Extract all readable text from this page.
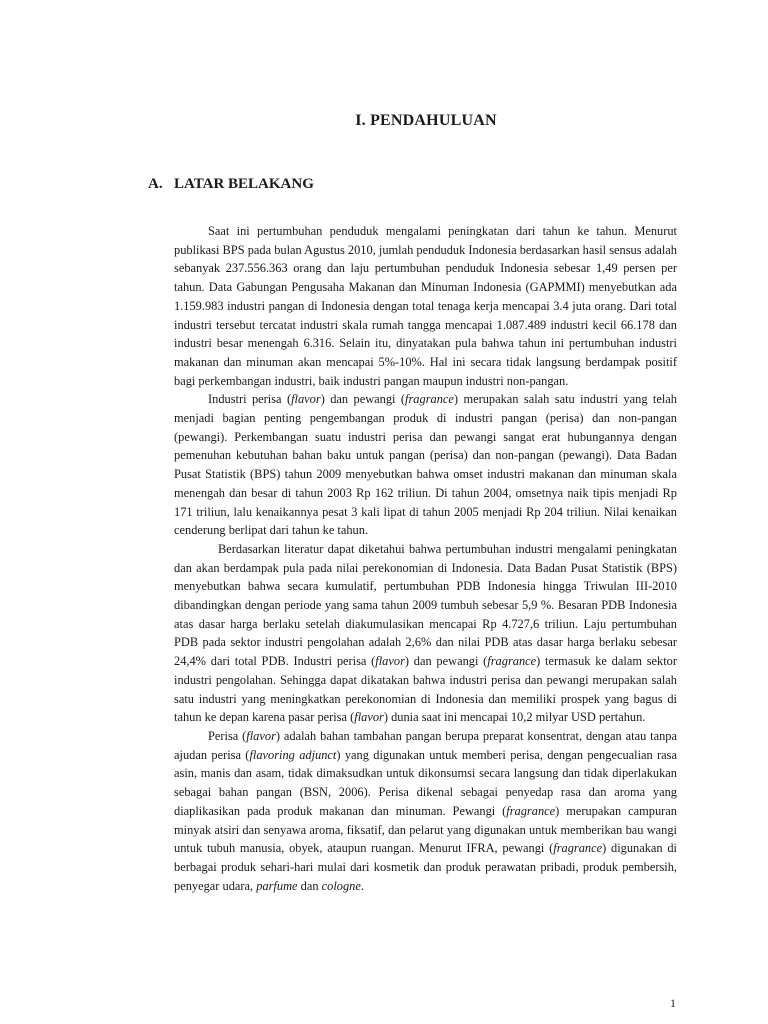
I. PENDAHULUAN
A. LATAR BELAKANG

Saat ini pertumbuhan penduduk mengalami peningkatan dari tahun ke tahun. Menurut publikasi BPS pada bulan Agustus 2010, jumlah penduduk Indonesia berdasarkan hasil sensus adalah sebanyak 237.556.363 orang dan laju pertumbuhan penduduk Indonesia sebesar 1,49 persen per tahun. Data Gabungan Pengusaha Makanan dan Minuman Indonesia (GAPMMI) menyebutkan ada 1.159.983 industri pangan di Indonesia dengan total tenaga kerja mencapai 3.4 juta orang. Dari total industri tersebut tercatat industri skala rumah tangga mencapai 1.087.489 industri kecil 66.178 dan industri besar menengah 6.316. Selain itu, dinyatakan pula bahwa tahun ini pertumbuhan industri makanan dan minuman akan mencapai 5%-10%. Hal ini secara tidak langsung berdampak positif bagi perkembangan industri, baik industri pangan maupun industri non-pangan.

Industri perisa (flavor) dan pewangi (fragrance) merupakan salah satu industri yang telah menjadi bagian penting pengembangan produk di industri pangan (perisa) dan non-pangan (pewangi). Perkembangan suatu industri perisa dan pewangi sangat erat hubungannya dengan pemenuhan kebutuhan bahan baku untuk pangan (perisa) dan non-pangan (pewangi). Data Badan Pusat Statistik (BPS) tahun 2009 menyebutkan bahwa omset industri makanan dan minuman skala menengah dan besar di tahun 2003 Rp 162 triliun. Di tahun 2004, omsetnya naik tipis menjadi Rp 171 triliun, lalu kenaikannya pesat 3 kali lipat di tahun 2005 menjadi Rp 204 triliun. Nilai kenaikan cenderung berlipat dari tahun ke tahun.

Berdasarkan literatur dapat diketahui bahwa pertumbuhan industri mengalami peningkatan dan akan berdampak pula pada nilai perekonomian di Indonesia. Data Badan Pusat Statistik (BPS) menyebutkan bahwa secara kumulatif, pertumbuhan PDB Indonesia hingga Triwulan III-2010 dibandingkan dengan periode yang sama tahun 2009 tumbuh sebesar 5,9 %. Besaran PDB Indonesia atas dasar harga berlaku setelah diakumulasikan mencapai Rp 4.727,6 triliun. Laju pertumbuhan PDB pada sektor industri pengolahan adalah 2,6% dan nilai PDB atas dasar harga berlaku sebesar 24,4% dari total PDB. Industri perisa (flavor) dan pewangi (fragrance) termasuk ke dalam sektor industri pengolahan. Sehingga dapat dikatakan bahwa industri perisa dan pewangi merupakan salah satu industri yang meningkatkan perekonomian di Indonesia dan memiliki prospek yang bagus di tahun ke depan karena pasar perisa (flavor) dunia saat ini mencapai 10,2 milyar USD pertahun.

Perisa (flavor) adalah bahan tambahan pangan berupa preparat konsentrat, dengan atau tanpa ajudan perisa (flavoring adjunct) yang digunakan untuk memberi perisa, dengan pengecualian rasa asin, manis dan asam, tidak dimaksudkan untuk dikonsumsi secara langsung dan tidak diperlakukan sebagai bahan pangan (BSN, 2006). Perisa dikenal sebagai penyedap rasa dan aroma yang diaplikasikan pada produk makanan dan minuman. Pewangi (fragrance) merupakan campuran minyak atsiri dan senyawa aroma, fiksatif, dan pelarut yang digunakan untuk memberikan bau wangi untuk tubuh manusia, obyek, ataupun ruangan. Menurut IFRA, pewangi (fragrance) digunakan di berbagai produk sehari-hari mulai dari kosmetik dan produk perawatan pribadi, produk pembersih, penyegar udara, parfume dan cologne.

1
